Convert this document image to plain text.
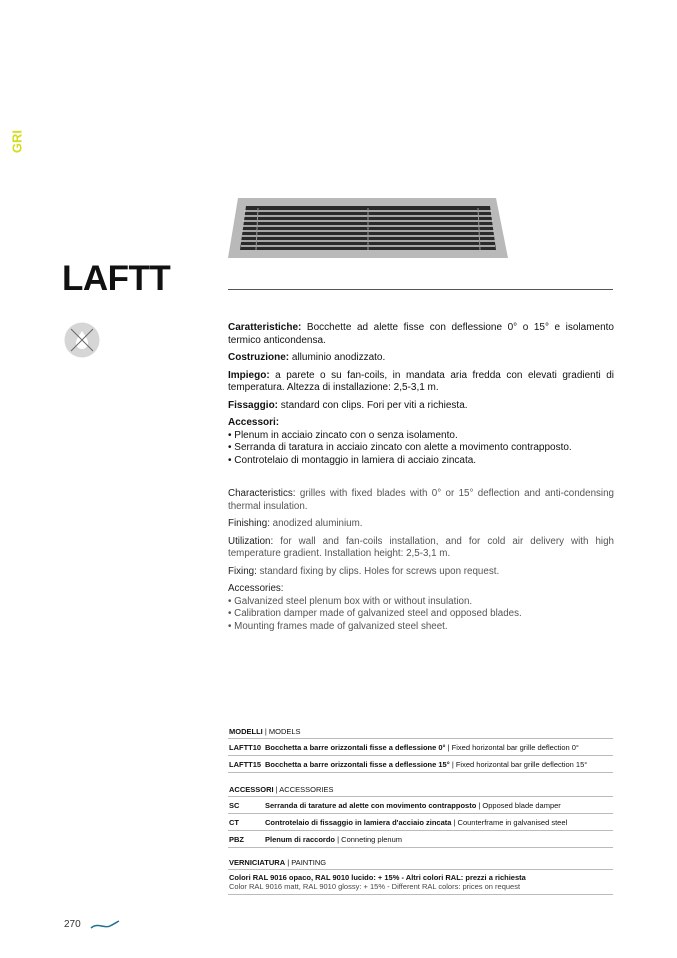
GRI
LAFTT

Caratteristiche: Bocchette ad alette fisse con deflessione 0° o 15° e isolamento termico anticondensa.

Costruzione: alluminio anodizzato.

Impiego: a parete o su fan-coils, in mandata aria fredda con elevati gradienti di temperatura. Altezza di installazione: 2,5-3,1 m.

Fissaggio: standard con clips. Fori per viti a richiesta.

Accessori:
• Plenum in acciaio zincato con o senza isolamento.
• Serranda di taratura in acciaio zincato con alette a movimento contrapposto.
• Controtelaio di montaggio in lamiera di acciaio zincata.

Characteristics: grilles with fixed blades with 0° or 15° deflection and anti-condensing thermal insulation.

Finishing: anodized aluminium.

Utilization: for wall and fan-coils installation, and for cold air delivery with high temperature gradient. Installation height: 2,5-3,1 m.

Fixing: standard fixing by clips. Holes for screws upon request.

Accessories:
• Galvanized steel plenum box with or without insulation.
• Calibration damper made of galvanized steel and opposed blades.
• Mounting frames made of galvanized steel sheet.
MODELLI | MODELS
LAFTT10 Bocchetta a barre orizzontali fisse a deflessione 0° | Fixed horizontal bar grille deflection 0°
LAFTT15 Bocchetta a barre orizzontali fisse a deflessione 15° | Fixed horizontal bar grille deflection 15°
ACCESSORI | ACCESSORIES
SC	Serranda di tarature ad alette con movimento contrapposto | Opposed blade damper
CT	Controtelaio di fissaggio in lamiera d'acciaio zincata | Counterframe in galvanised steel
PBZ	Plenum di raccordo | Conneting plenum
VERNICIATURA | PAINTING
Colori RAL 9016 opaco, RAL 9010 lucido: + 15% - Altri colori RAL: prezzi a richiesta
Color RAL 9016 matt, RAL 9010 glossy: + 15% - Different RAL colors: prices on request
270
